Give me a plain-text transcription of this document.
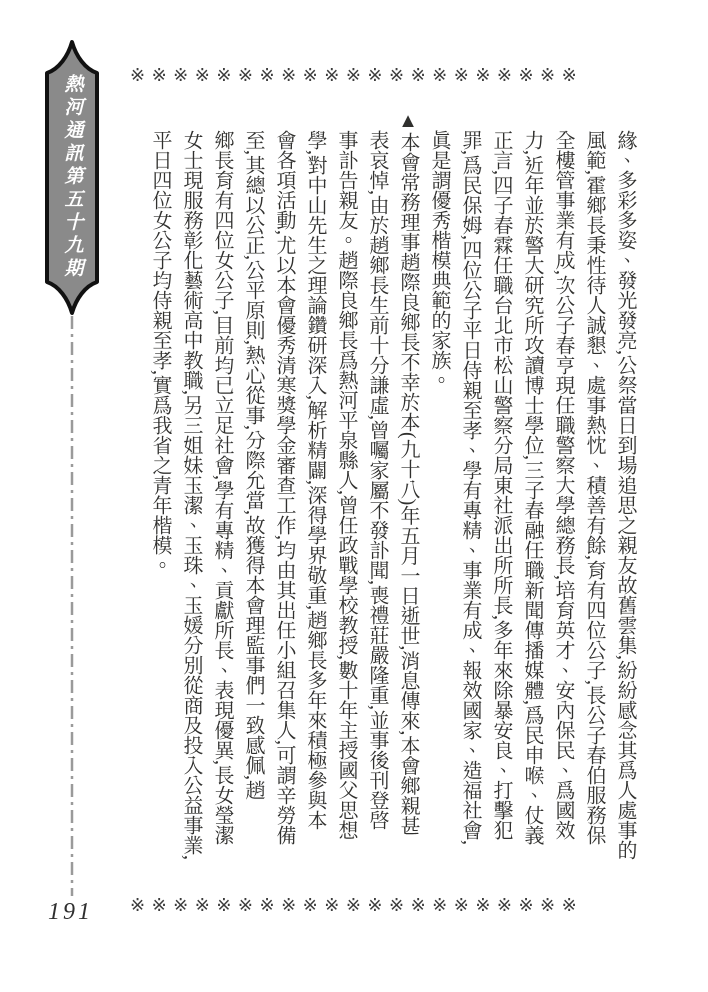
熱河通訊第五十九期	※※※※※※※※※※※※※※※※※※※※※
緣、多彩多姿、發光發亮,公祭當日到場追思之親友故舊雲集,紛紛感念其爲人處事的
風範,霍鄉長秉性待人誠懇、處事熱忱、積善有餘,育有四位公子,長公子春伯服務保
全樓管事業有成,次公子春亨現任職警察大學總務長,培育英才、安內保民、爲國效
力,近年並於警大研究所攻讀博士學位,三子春融任職新聞傳播媒體,爲民申喉、仗義
正言,四子春霖任職台北市松山警察分局東社派出所所長,多年來除暴安良、打擊犯
罪,爲民保姆,四位公子平日侍親至孝、學有專精、事業有成、報效國家、造福社會,
眞是謂優秀楷模典範的家族。
▲本會常務理事趙際良鄉長不幸於本(九十八)年五月一日逝世,消息傳來,本會鄉親甚
表哀悼,由於趙鄉長生前十分謙虛,曾囑家屬不發訃聞,喪禮莊嚴隆重,並事後刊登啓
事訃告親友。趙際良鄉長爲熱河平泉縣人,曾任政戰學校教授,數十年主授國父思想
學,對中山先生之理論鑽研深入,解析精闢,深得學界敬重,趙鄉長多年來積極參與本
會各項活動,尤以本會優秀清寒獎學金審查工作,均由其出任小組召集人,可謂辛勞備
至,其總以公正,公平原則,熱心從事,分際允當,故獲得本會理監事們一致感佩,趙
鄉長育有四位女公子,目前均已立足社會,學有專精、貢獻所長、表現優異,長女瑩潔
女士現服務彰化藝術高中教職,另三姐妹玉潔、玉珠、玉媛分別從商及投入公益事業,
平日四位女公子均侍親至孝,實爲我省之青年楷模。
※※※※※※※※※※※※※※※※※※※※※
191
